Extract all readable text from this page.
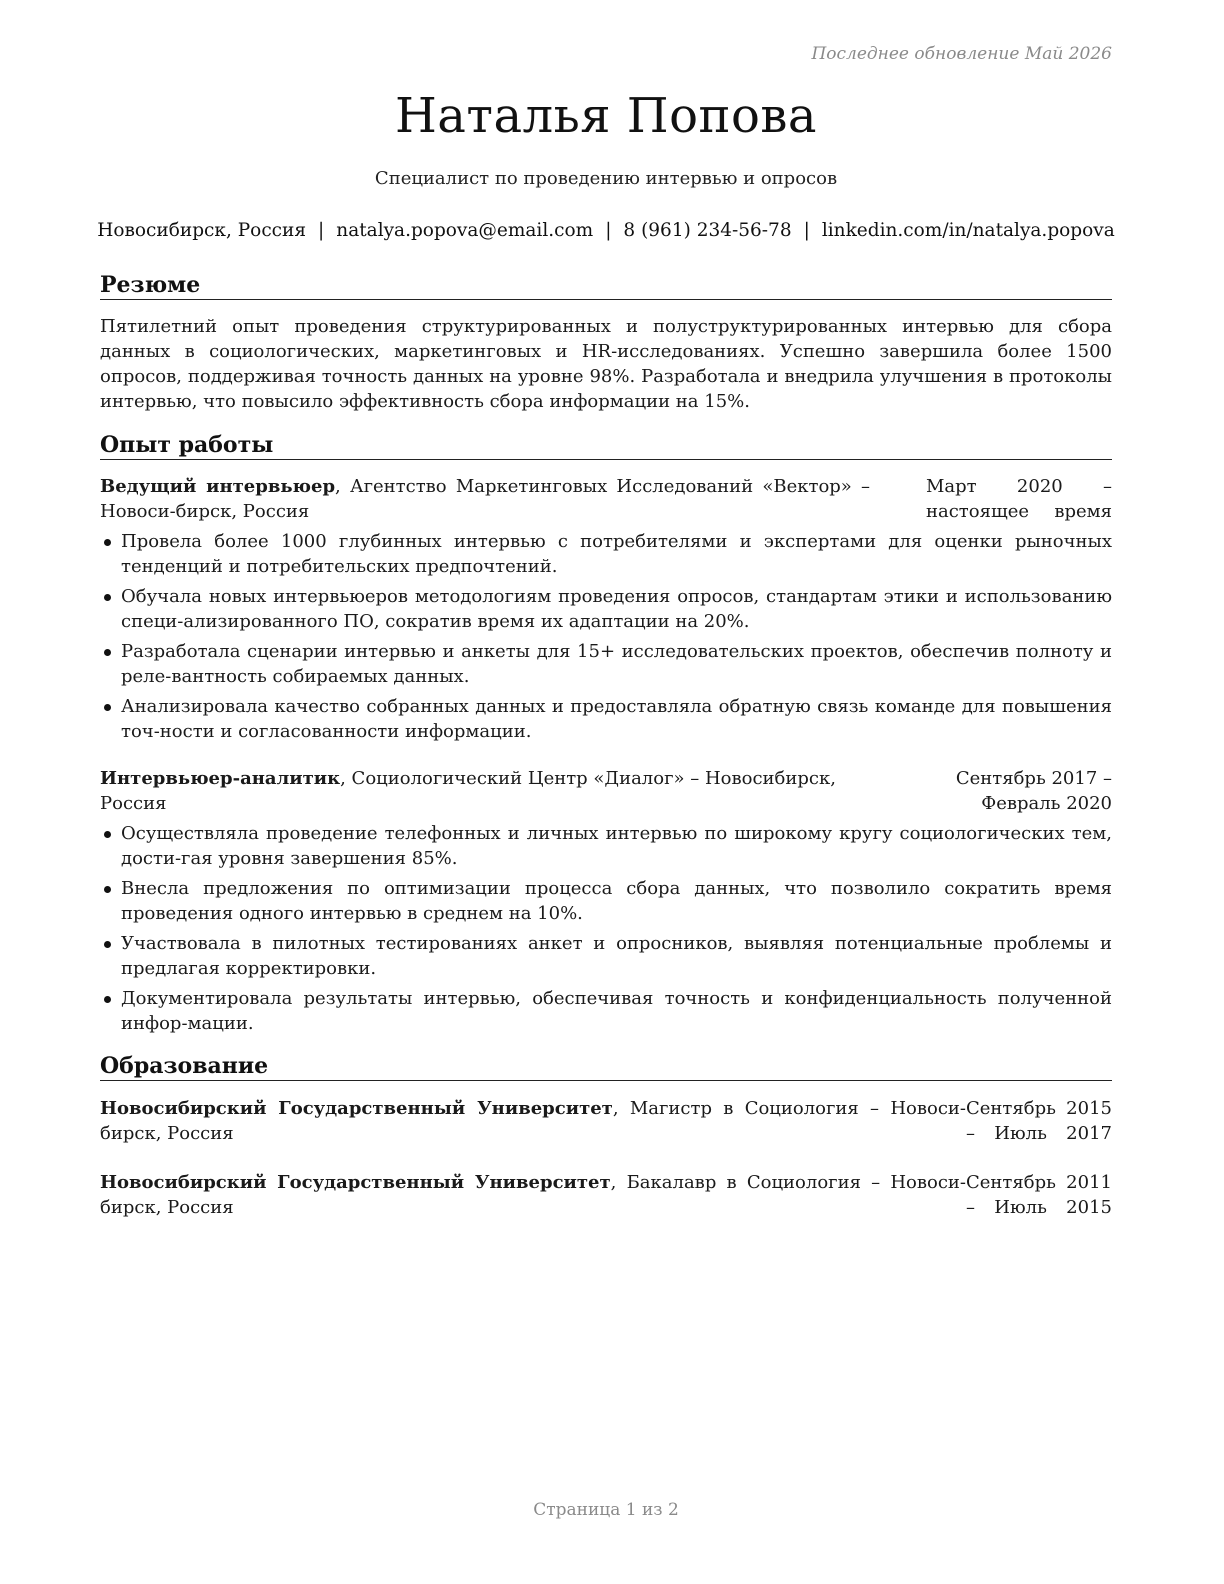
Последнее обновление Май 2026
Наталья Попова
Специалист по проведению интервью и опросов
Новосибирск, Россия | natalya.popova@email.com | 8 (961) 234-56-78 | linkedin.com/in/natalya.popova
Резюме
Пятилетний опыт проведения структурированных и полуструктурированных интервью для сбора данных в социологических, маркетинговых и HR-исследованиях. Успешно завершила более 1500 опросов, поддерживая точность данных на уровне 98%. Разработала и внедрила улучшения в протоколы интервью, что повысило эффективность сбора информации на 15%.
Опыт работы
Ведущий интервьюер, Агентство Маркетинговых Исследований «Вектор» – Новоси-бирск, Россия
Март 2020 – настоящее время
Провела более 1000 глубинных интервью с потребителями и экспертами для оценки рыночных тенденций и потребительских предпочтений.
Обучала новых интервьюеров методологиям проведения опросов, стандартам этики и использованию специ-ализированного ПО, сократив время их адаптации на 20%.
Разработала сценарии интервью и анкеты для 15+ исследовательских проектов, обеспечив полноту и реле-вантность собираемых данных.
Анализировала качество собранных данных и предоставляла обратную связь команде для повышения точ-ности и согласованности информации.
Интервьюер-аналитик, Социологический Центр «Диалог» – Новосибирск, Россия
Сентябрь 2017 – Февраль 2020
Осуществляла проведение телефонных и личных интервью по широкому кругу социологических тем, дости-гая уровня завершения 85%.
Внесла предложения по оптимизации процесса сбора данных, что позволило сократить время проведения одного интервью в среднем на 10%.
Участвовала в пилотных тестированиях анкет и опросников, выявляя потенциальные проблемы и предлагая корректировки.
Документировала результаты интервью, обеспечивая точность и конфиденциальность полученной инфор-мации.
Образование
Новосибирский Государственный Университет, Магистр в Социология – Новоси-бирск, Россия
Сентябрь 2015 – Июль 2017
Новосибирский Государственный Университет, Бакалавр в Социология – Новоси-бирск, Россия
Сентябрь 2011 – Июль 2015
Страница 1 из 2
